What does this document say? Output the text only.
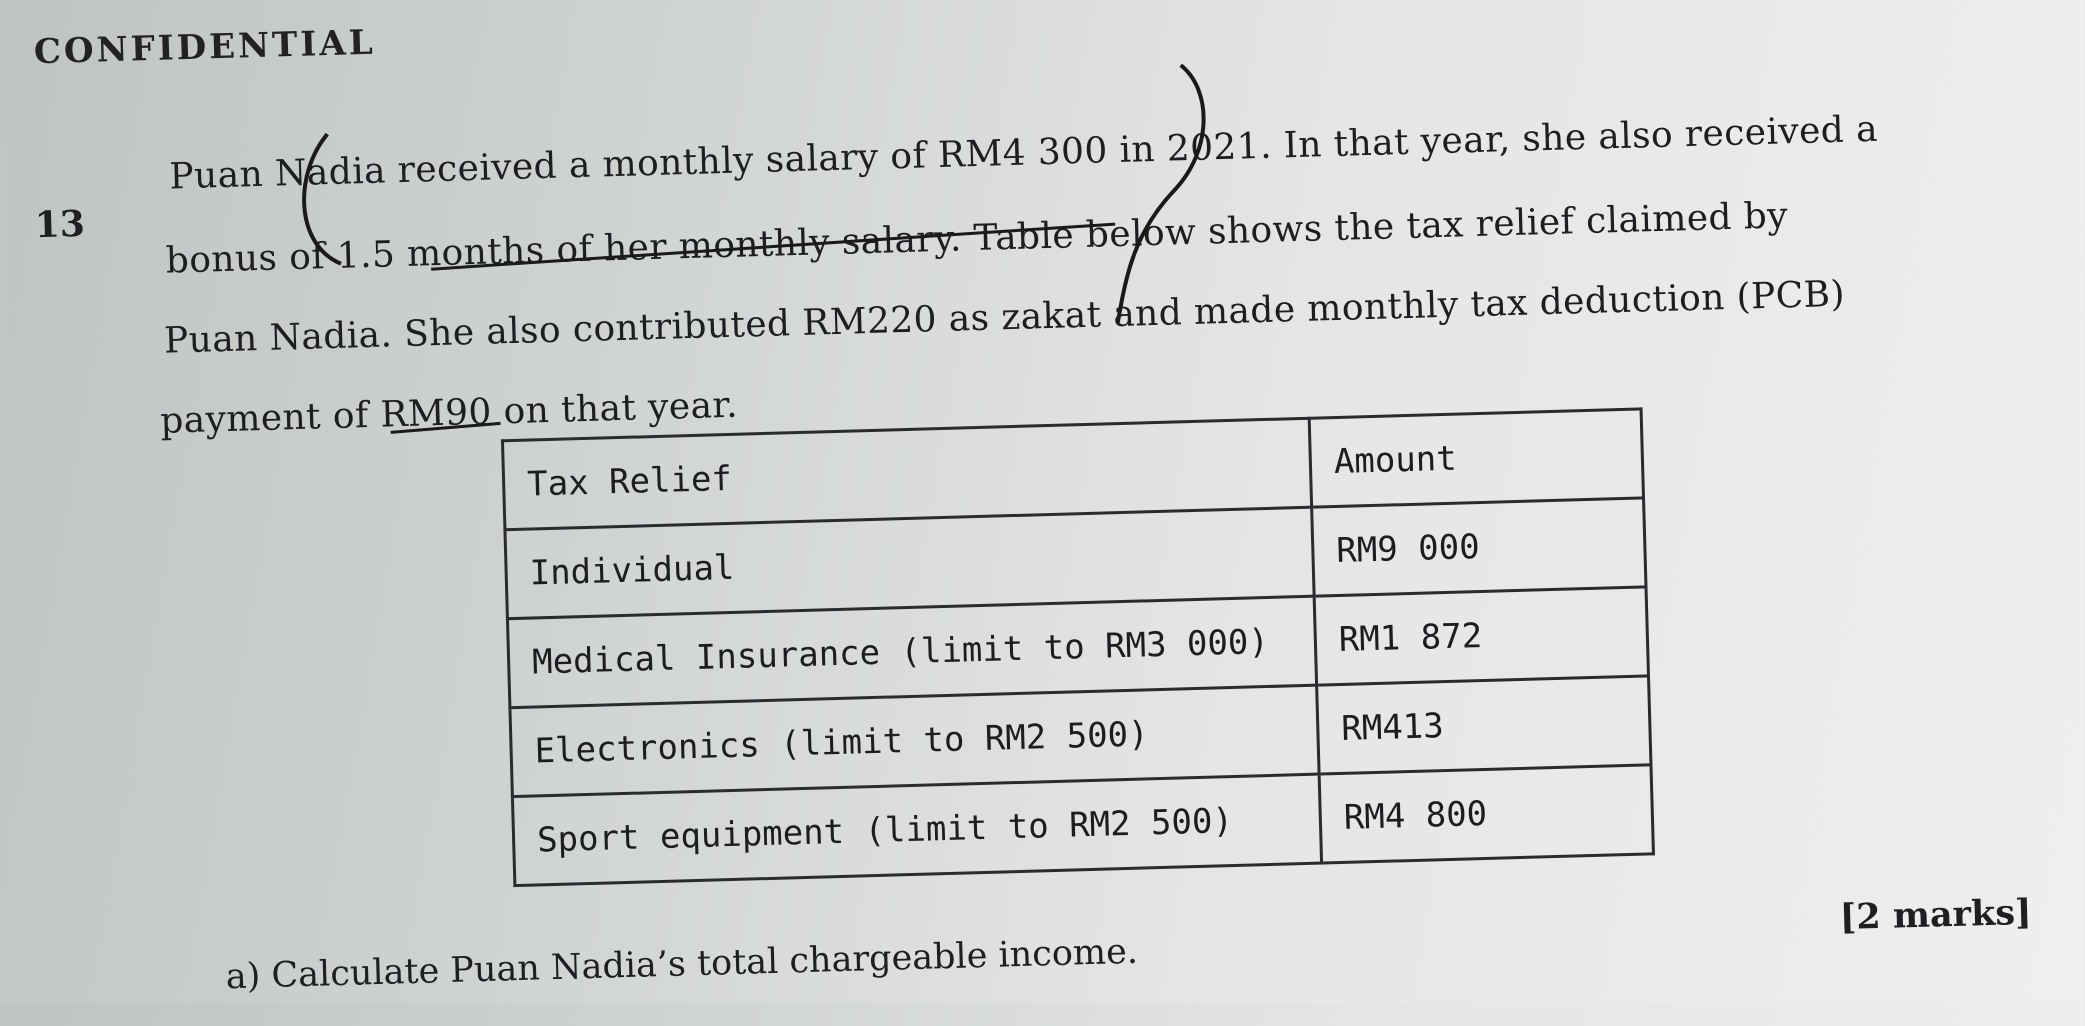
CONFIDENTIAL
13
Puan Nadia received a monthly salary of RM4 300 in 2021. In that year, she also received a
bonus of 1.5 months of her monthly salary. Table below shows the tax relief claimed by
Puan Nadia. She also contributed RM220 as zakat and made monthly tax deduction (PCB)
payment of RM90 on that year.
Tax Relief	Amount
Individual	RM9 000
Medical Insurance (limit to RM3 000)	RM1 872
Electronics (limit to RM2 500)	RM413
Sport equipment (limit to RM2 500)	RM4 800
a) Calculate Puan Nadia’s total chargeable income.
[2 marks]
